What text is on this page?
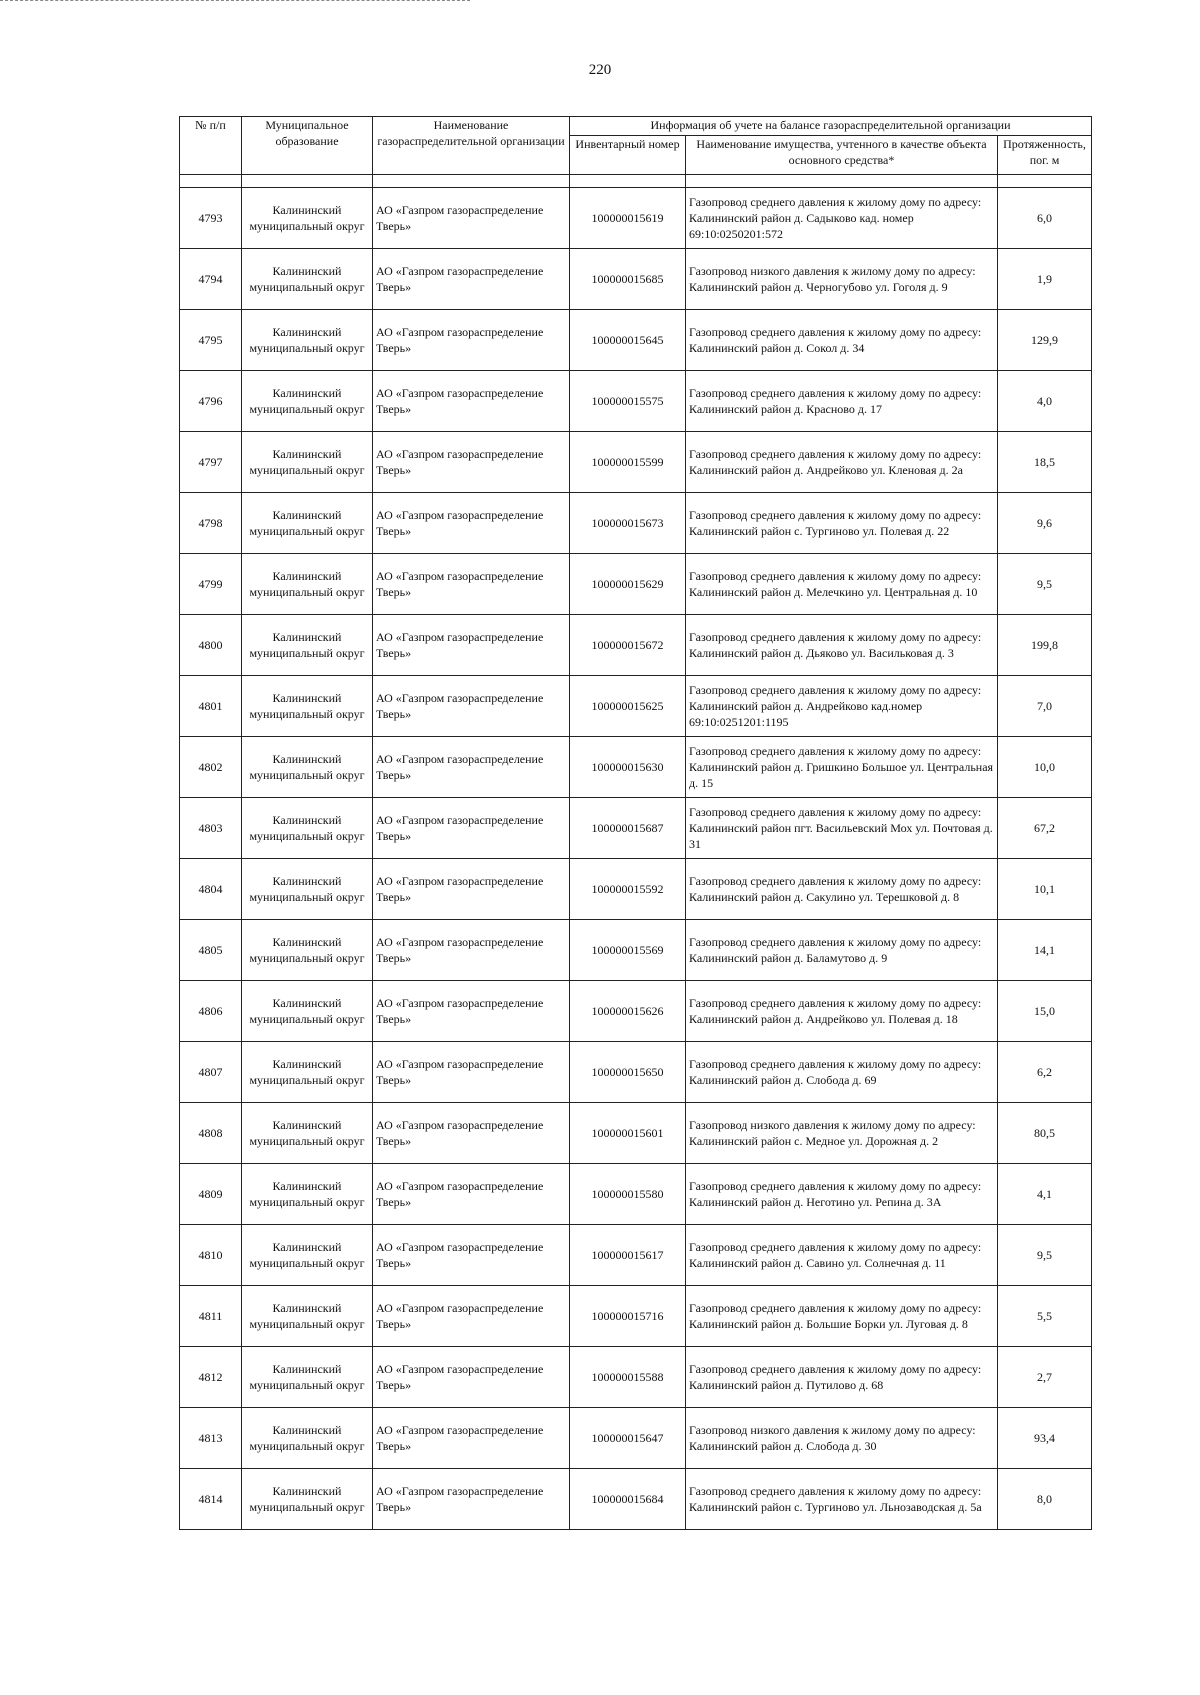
220
№ п/п	Муниципальное образование	Наименование газораспределительной организации	Информация об учете на балансе газораспределительной организации		
			Инвентарный номер	Наименование имущества, учтенного в качестве объекта основного средства*	Протяженность, пог. м

4793	Калининский муниципальный округ	АО «Газпром газораспределение Тверь»	100000015619	Газопровод среднего давления к жилому дому по адресу: Калининский район д. Садыково кад. номер 69:10:0250201:572	6,0
4794	Калининский муниципальный округ	АО «Газпром газораспределение Тверь»	100000015685	Газопровод низкого давления к жилому дому по адресу: Калининский район д. Черногубово ул. Гоголя д. 9	1,9
4795	Калининский муниципальный округ	АО «Газпром газораспределение Тверь»	100000015645	Газопровод среднего давления к жилому дому по адресу: Калининский район д. Сокол д. 34	129,9
4796	Калининский муниципальный округ	АО «Газпром газораспределение Тверь»	100000015575	Газопровод среднего давления к жилому дому по адресу: Калининский район д. Красново д. 17	4,0
4797	Калининский муниципальный округ	АО «Газпром газораспределение Тверь»	100000015599	Газопровод среднего давления к жилому дому по адресу: Калининский район д. Андрейково ул. Кленовая д. 2а	18,5
4798	Калининский муниципальный округ	АО «Газпром газораспределение Тверь»	100000015673	Газопровод среднего давления к жилому дому по адресу: Калининский район с. Тургиново ул. Полевая д. 22	9,6
4799	Калининский муниципальный округ	АО «Газпром газораспределение Тверь»	100000015629	Газопровод среднего давления к жилому дому по адресу: Калининский район д. Мелечкино ул. Центральная д. 10	9,5
4800	Калининский муниципальный округ	АО «Газпром газораспределение Тверь»	100000015672	Газопровод среднего давления к жилому дому по адресу: Калининский район д. Дьяково ул. Васильковая д. 3	199,8
4801	Калининский муниципальный округ	АО «Газпром газораспределение Тверь»	100000015625	Газопровод среднего давления к жилому дому по адресу: Калининский район д. Андрейково кад.номер 69:10:0251201:1195	7,0
4802	Калининский муниципальный округ	АО «Газпром газораспределение Тверь»	100000015630	Газопровод среднего давления к жилому дому по адресу: Калининский район д. Гришкино Большое ул. Центральная д. 15	10,0
4803	Калининский муниципальный округ	АО «Газпром газораспределение Тверь»	100000015687	Газопровод среднего давления к жилому дому по адресу: Калининский район пгт. Васильевский Мох ул. Почтовая д. 31	67,2
4804	Калининский муниципальный округ	АО «Газпром газораспределение Тверь»	100000015592	Газопровод среднего давления к жилому дому по адресу: Калининский район д. Сакулино ул. Терешковой д. 8	10,1
4805	Калининский муниципальный округ	АО «Газпром газораспределение Тверь»	100000015569	Газопровод среднего давления к жилому дому по адресу: Калининский район д. Баламутово д. 9	14,1
4806	Калининский муниципальный округ	АО «Газпром газораспределение Тверь»	100000015626	Газопровод среднего давления к жилому дому по адресу: Калининский район д. Андрейково ул. Полевая д. 18	15,0
4807	Калининский муниципальный округ	АО «Газпром газораспределение Тверь»	100000015650	Газопровод среднего давления к жилому дому по адресу: Калининский район д. Слобода д. 69	6,2
4808	Калининский муниципальный округ	АО «Газпром газораспределение Тверь»	100000015601	Газопровод низкого давления к жилому дому по адресу: Калининский район с. Медное ул. Дорожная д. 2	80,5
4809	Калининский муниципальный округ	АО «Газпром газораспределение Тверь»	100000015580	Газопровод среднего давления к жилому дому по адресу: Калининский район д. Неготино ул. Репина д. 3А	4,1
4810	Калининский муниципальный округ	АО «Газпром газораспределение Тверь»	100000015617	Газопровод среднего давления к жилому дому по адресу: Калининский район д. Савино ул. Солнечная д. 11	9,5
4811	Калининский муниципальный округ	АО «Газпром газораспределение Тверь»	100000015716	Газопровод среднего давления к жилому дому по адресу: Калининский район д. Большие Борки ул. Луговая д. 8	5,5
4812	Калининский муниципальный округ	АО «Газпром газораспределение Тверь»	100000015588	Газопровод среднего давления к жилому дому по адресу: Калининский район д. Путилово д. 68	2,7
4813	Калининский муниципальный округ	АО «Газпром газораспределение Тверь»	100000015647	Газопровод низкого давления к жилому дому по адресу: Калининский район д. Слобода д. 30	93,4
4814	Калининский муниципальный округ	АО «Газпром газораспределение Тверь»	100000015684	Газопровод среднего давления к жилому дому по адресу: Калининский район с. Тургиново ул. Льнозаводская д. 5а	8,0
